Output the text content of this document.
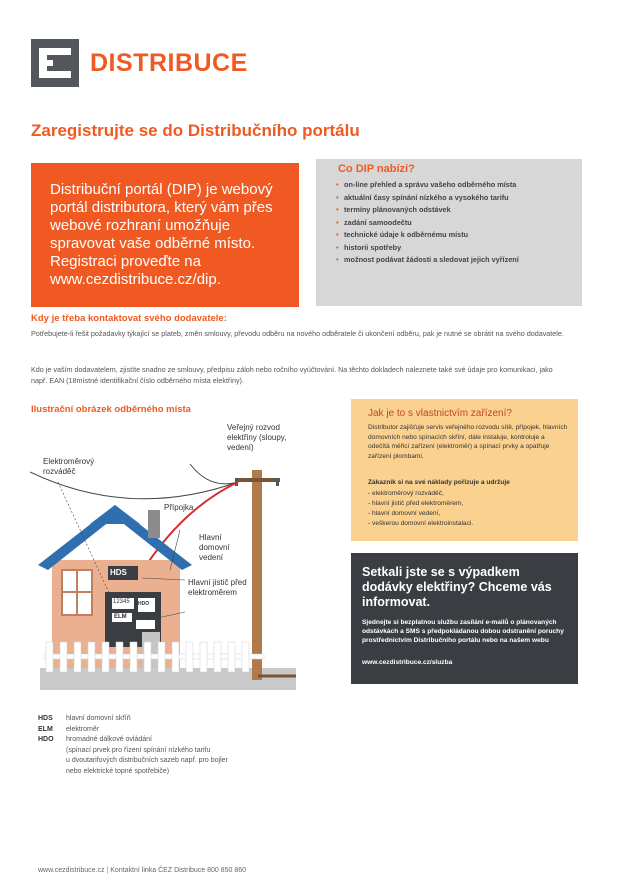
DISTRIBUCE
Zaregistrujte se do Distribučního portálu
Distribuční portál (DIP) je webový portál distributora, který vám přes webové rozhraní umožňuje spravovat vaše odběrné místo. Registraci proveďte na www.cezdistribuce.cz/dip.
Co DIP nabízí?
• on-line přehled a správu vašeho odběrného místa
• aktuální časy spínání nízkého a vysokého tarifu
• termíny plánovaných odstávek
• zadání samoodečtu
• technické údaje k odběrnému místu
• historii spotřeby
• možnost podávat žádosti a sledovat jejich vyřízení
Kdy je třeba kontaktovat svého dodavatele:
Potřebujete-li řešit požadavky týkající se plateb, změn smlouvy, převodu odběru na nového odběratele či ukončení odběru, pak je nutné se obrátit na svého dodavatele.
Kdo je vaším dodavatelem, zjistíte snadno ze smlouvy, předpisu záloh nebo ročního vyúčtování. Na těchto dokladech naleznete také své údaje pro komunikaci, jako např. EAN (18místné identifikační číslo odběrného místa elektřiny).
Ilustrační obrázek odběrného místa
Elektroměrový rozváděč
Veřejný rozvod elektřiny (sloupy, vedení)
Přípojka
Hlavní domovní vedení
Hlavní jistič před elektroměrem
HDS
12345
ELM
HDO
Jak je to s vlastnictvím zařízení?
Distributor zajišťuje servis veřejného rozvodu sítě, přípojek, hlavních domovních nebo spínacích skříní, dále instaluje, kontroluje a odečítá měřicí zařízení (elektroměr) a spínací prvky a opatřuje zařízení plombami.
Zákazník si na své náklady pořizuje a udržuje
- elektroměrový rozváděč,
- hlavní jistič před elektroměrem,
- hlavní domovní vedení,
- veškerou domovní elektroinstalaci.
Setkali jste se s výpadkem dodávky elektřiny? Chceme vás informovat.
Sjednejte si bezplatnou službu zasílání e-mailů o plánovaných odstávkách a SMS s předpokládanou dobou odstranění poruchy prostřednictvím Distribučního portálu nebo na našem webu
www.cezdistribuce.cz/sluzba
HDS hlavní domovní skříň
ELM elektroměr
HDO hromadné dálkové ovládání
(spínací prvek pro řízení spínání nízkého tarifu
u dvoutarifových distribučních sazeb např. pro bojler
nebo elektrické topné spotřebiče)
www.cezdistribuce.cz | Kontaktní linka ČEZ Distribuce 800 850 860
